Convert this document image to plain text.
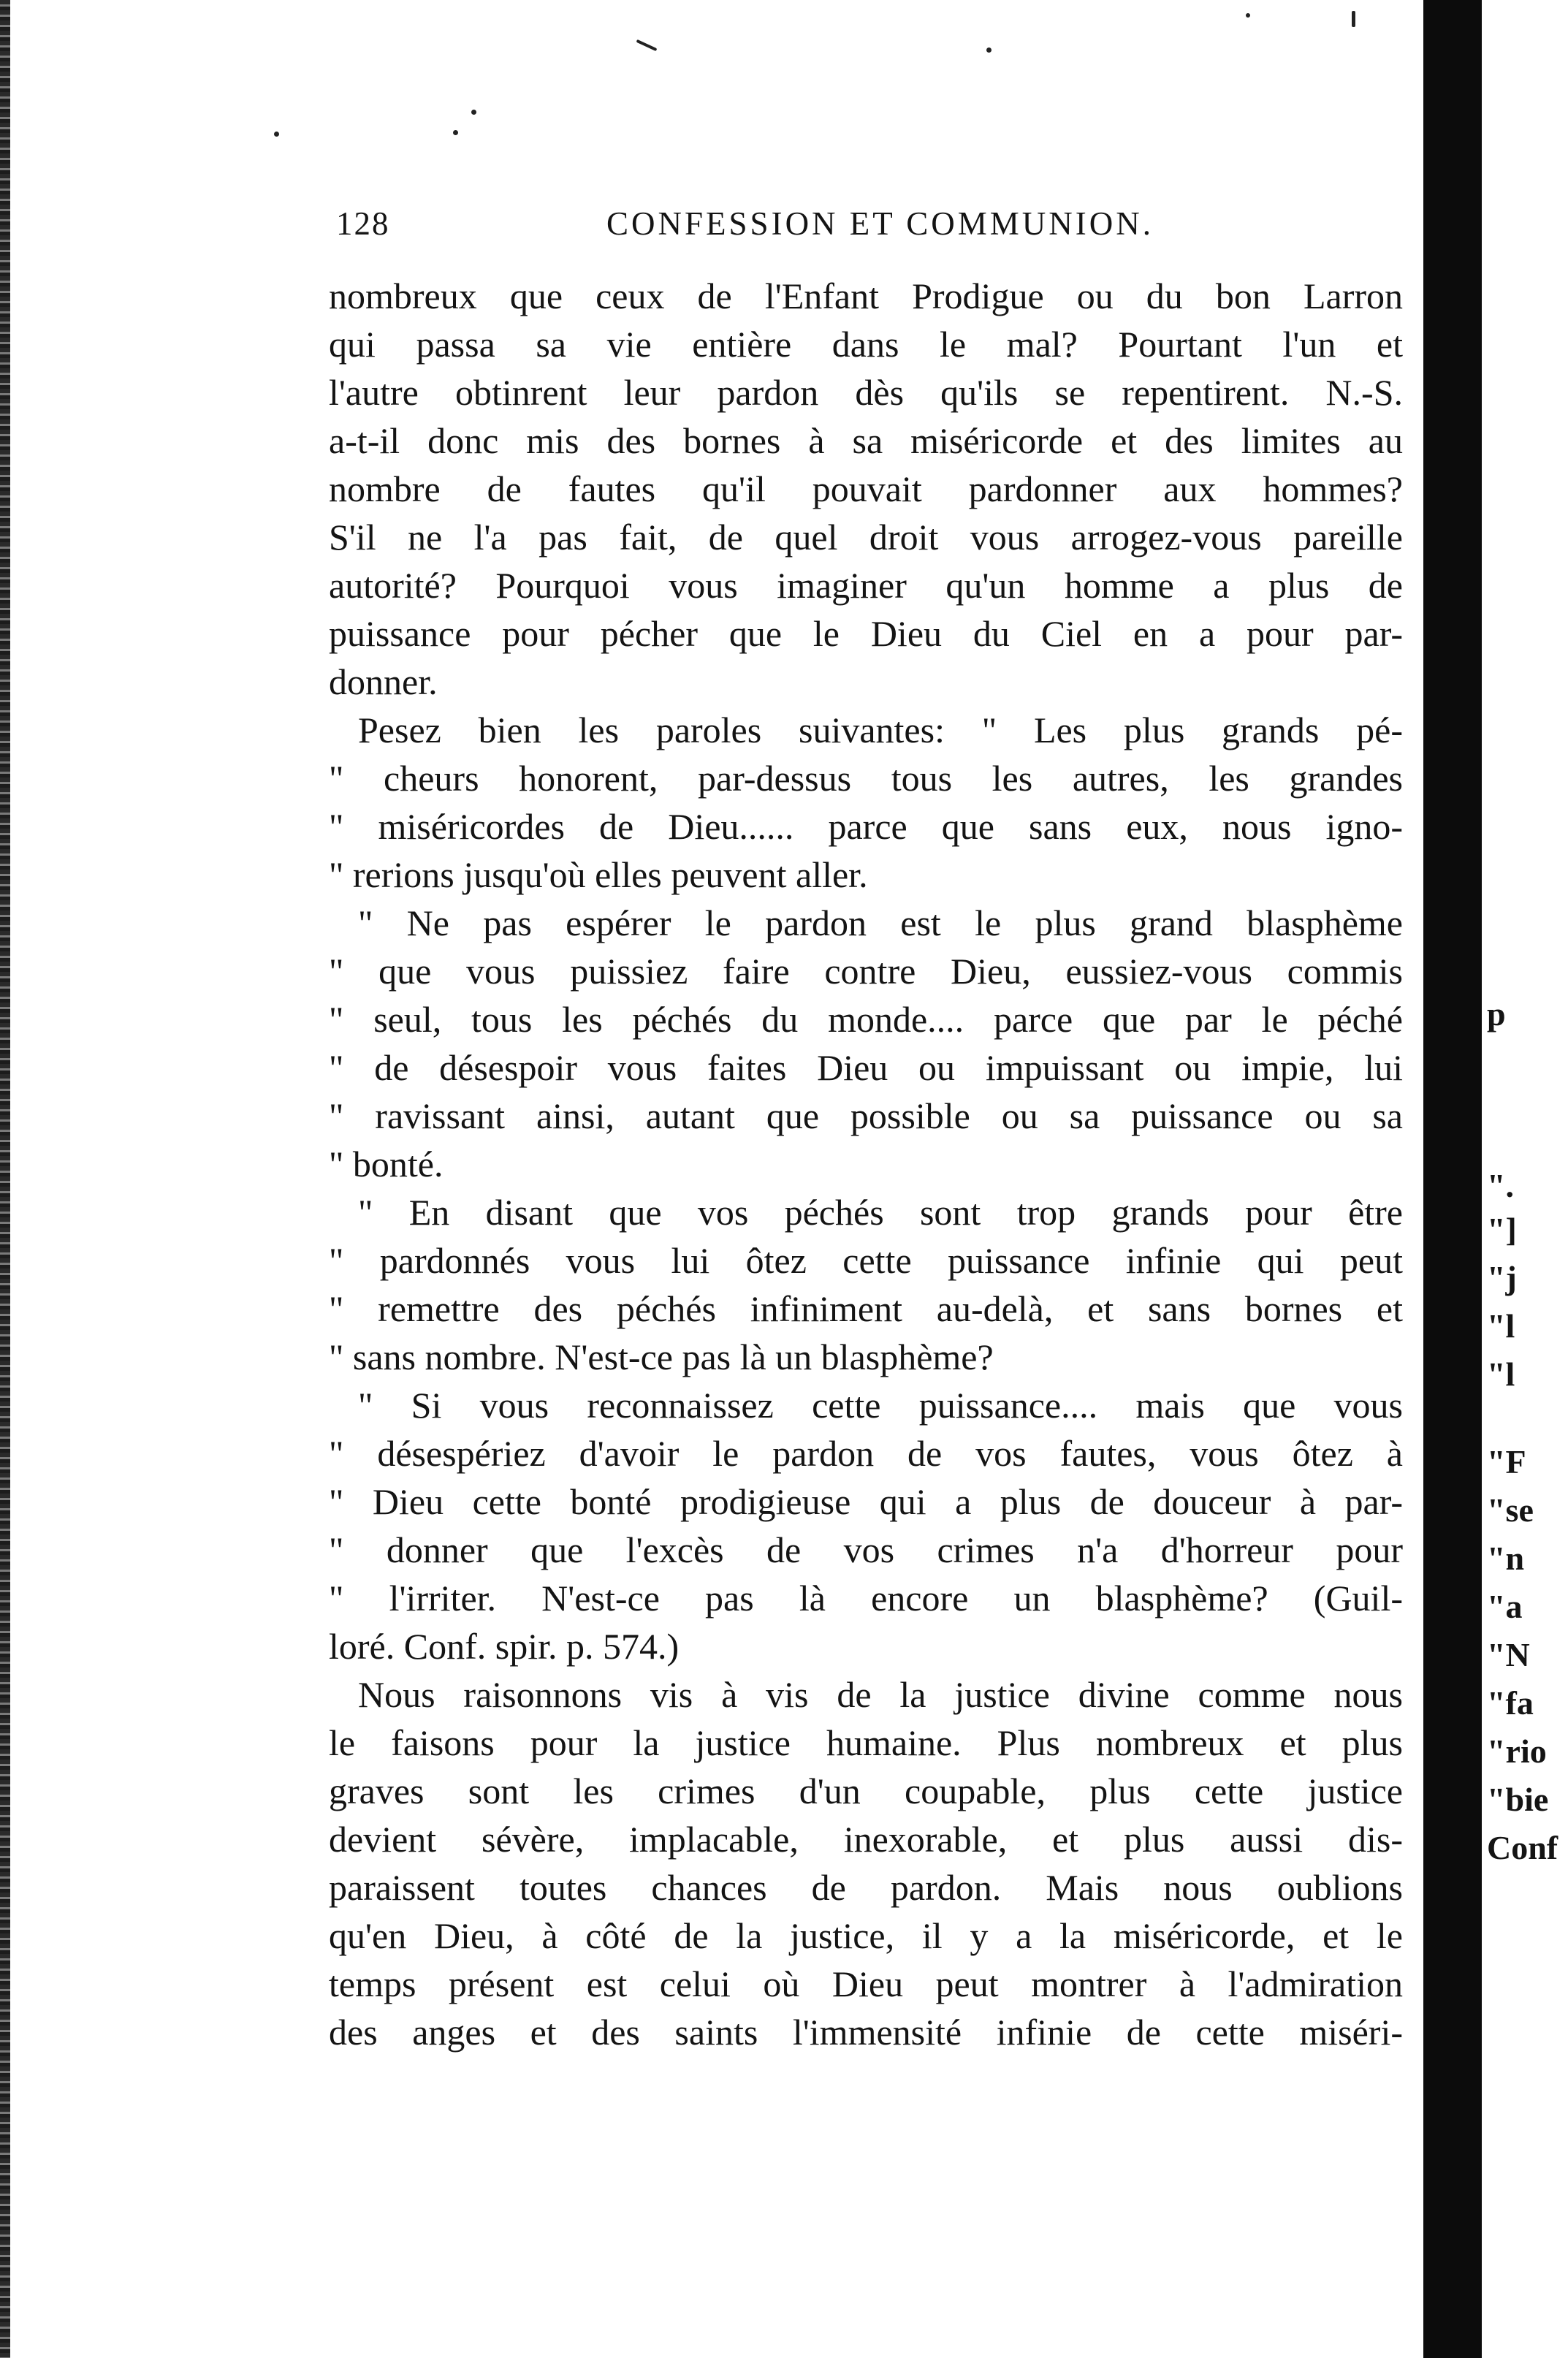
128	CONFESSION ET COMMUNION.
nombreux que ceux de l'Enfant Prodigue ou du bon Larron
qui passa sa vie entière dans le mal? Pourtant l'un et
l'autre obtinrent leur pardon dès qu'ils se repentirent. N.-S.
a-t-il donc mis des bornes à sa miséricorde et des limites au
nombre de fautes qu'il pouvait pardonner aux hommes?
S'il ne l'a pas fait, de quel droit vous arrogez-vous pareille
autorité? Pourquoi vous imaginer qu'un homme a plus de
puissance pour pécher que le Dieu du Ciel en a pour par-
donner.
Pesez bien les paroles suivantes: " Les plus grands pé-
" cheurs honorent, par-dessus tous les autres, les grandes
" miséricordes de Dieu...... parce que sans eux, nous igno-
" rerions jusqu'où elles peuvent aller.
" Ne pas espérer le pardon est le plus grand blasphème
" que vous puissiez faire contre Dieu, eussiez-vous commis
" seul, tous les péchés du monde.... parce que par le péché
" de désespoir vous faites Dieu ou impuissant ou impie, lui
" ravissant ainsi, autant que possible ou sa puissance ou sa
" bonté.
" En disant que vos péchés sont trop grands pour être
" pardonnés vous lui ôtez cette puissance infinie qui peut
" remettre des péchés infiniment au-delà, et sans bornes et
" sans nombre. N'est-ce pas là un blasphème?
" Si vous reconnaissez cette puissance.... mais que vous
" désespériez d'avoir le pardon de vos fautes, vous ôtez à
" Dieu cette bonté prodigieuse qui a plus de douceur à par-
" donner que l'excès de vos crimes n'a d'horreur pour
" l'irriter. N'est-ce pas là encore un blasphème? (Guil-
loré. Conf. spir. p. 574.)
Nous raisonnons vis à vis de la justice divine comme nous
le faisons pour la justice humaine. Plus nombreux et plus
graves sont les crimes d'un coupable, plus cette justice
devient sévère, implacable, inexorable, et plus aussi dis-
paraissent toutes chances de pardon. Mais nous oublions
qu'en Dieu, à côté de la justice, il y a la miséricorde, et le
temps présent est celui où Dieu peut montrer à l'admiration
des anges et des saints l'immensité infinie de cette miséri-
p
".
"]
"j
"l
"l
"F
"se
"n
"a
"N
"fa
"rio
"bie
Conf
